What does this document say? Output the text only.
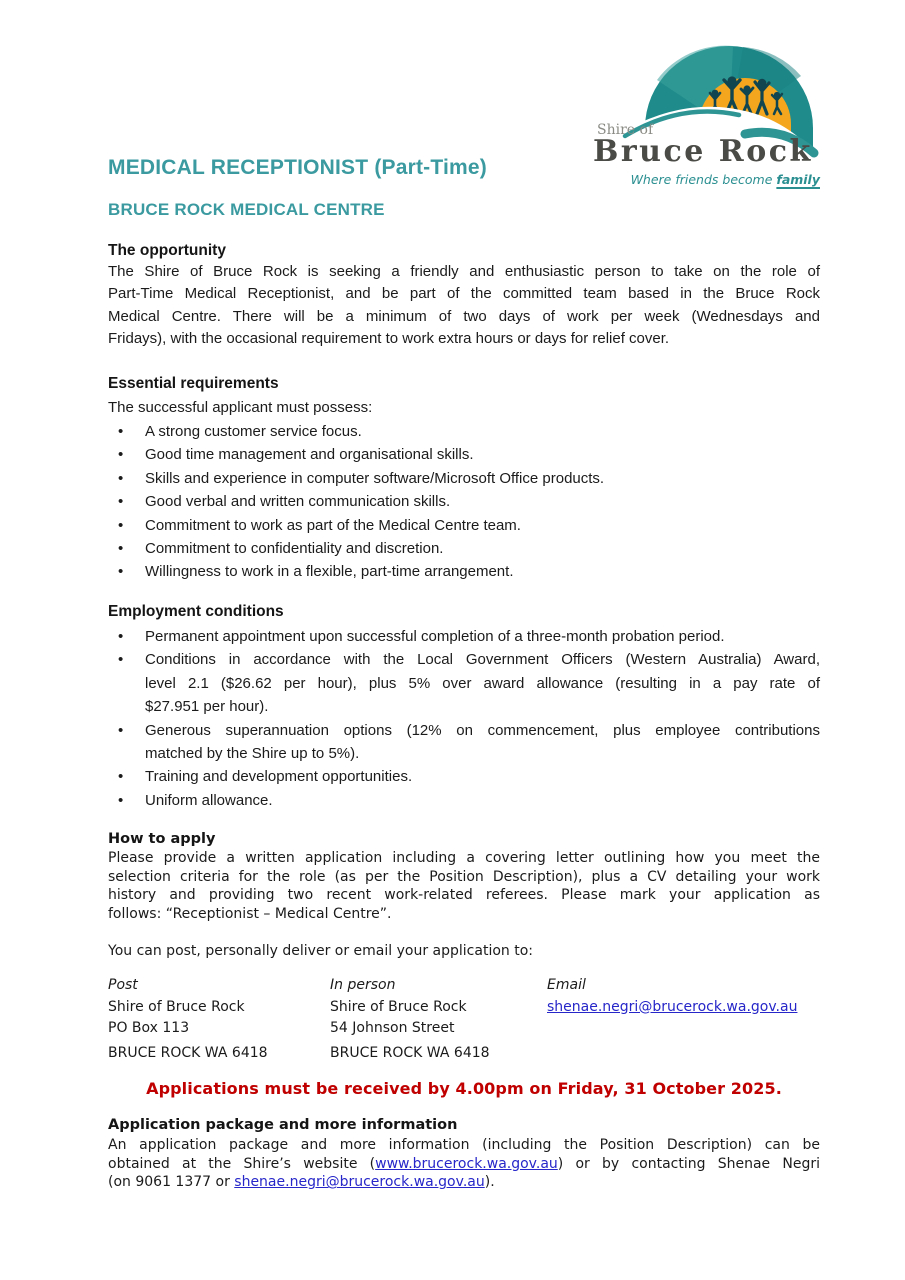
Shire of
Bruce Rock
Where friends become family
MEDICAL RECEPTIONIST (Part-Time)
BRUCE ROCK MEDICAL CENTRE
The opportunity
The Shire of Bruce Rock is seeking a friendly and enthusiastic person to take on the role of
Part-Time Medical Receptionist, and be part of the committed team based in the Bruce Rock
Medical Centre. There will be a minimum of two days of work per week (Wednesdays and
Fridays), with the occasional requirement to work extra hours or days for relief cover.
Essential requirements
The successful applicant must possess:
• A strong customer service focus.
• Good time management and organisational skills.
• Skills and experience in computer software/Microsoft Office products.
• Good verbal and written communication skills.
• Commitment to work as part of the Medical Centre team.
• Commitment to confidentiality and discretion.
• Willingness to work in a flexible, part-time arrangement.
Employment conditions
• Permanent appointment upon successful completion of a three-month probation period.
• Conditions in accordance with the Local Government Officers (Western Australia) Award,
level 2.1 ($26.62 per hour), plus 5% over award allowance (resulting in a pay rate of
$27.951 per hour).
• Generous superannuation options (12% on commencement, plus employee contributions
matched by the Shire up to 5%).
• Training and development opportunities.
• Uniform allowance.
How to apply
Please provide a written application including a covering letter outlining how you meet the
selection criteria for the role (as per the Position Description), plus a CV detailing your work
history and providing two recent work-related referees. Please mark your application as
follows: “Receptionist – Medical Centre”.
You can post, personally deliver or email your application to:
Post
Shire of Bruce Rock
PO Box 113
BRUCE ROCK WA 6418
In person
Shire of Bruce Rock
54 Johnson Street
BRUCE ROCK WA 6418
Email
shenae.negri@brucerock.wa.gov.au
Applications must be received by 4.00pm on Friday, 31 October 2025.
Application package and more information
An application package and more information (including the Position Description) can be
obtained at the Shire’s website (www.brucerock.wa.gov.au) or by contacting Shenae Negri
(on 9061 1377 or shenae.negri@brucerock.wa.gov.au).
